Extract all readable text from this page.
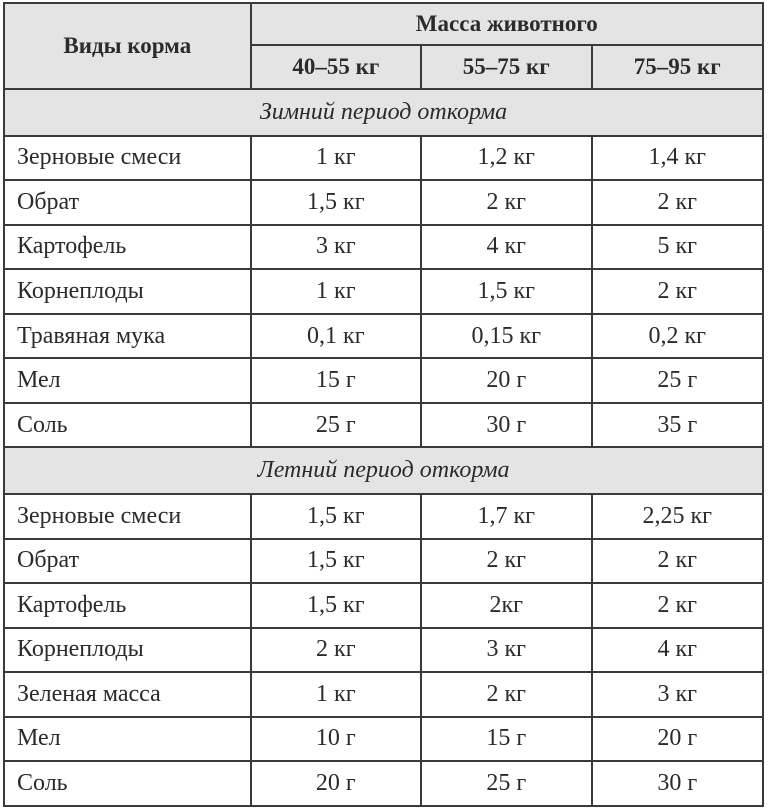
Виды корма	Масса животного		
	40–55 кг	55–75 кг	75–95 кг
Зимний период откорма			
Зерновые смеси	1 кг	1,2 кг	1,4 кг
Обрат	1,5 кг	2 кг	2 кг
Картофель	3 кг	4 кг	5 кг
Корнеплоды	1 кг	1,5 кг	2 кг
Травяная мука	0,1 кг	0,15 кг	0,2 кг
Мел	15 г	20 г	25 г
Соль	25 г	30 г	35 г
Летний период откорма			
Зерновые смеси	1,5 кг	1,7 кг	2,25 кг
Обрат	1,5 кг	2 кг	2 кг
Картофель	1,5 кг	2кг	2 кг
Корнеплоды	2 кг	3 кг	4 кг
Зеленая масса	1 кг	2 кг	3 кг
Мел	10 г	15 г	20 г
Соль	20 г	25 г	30 г
